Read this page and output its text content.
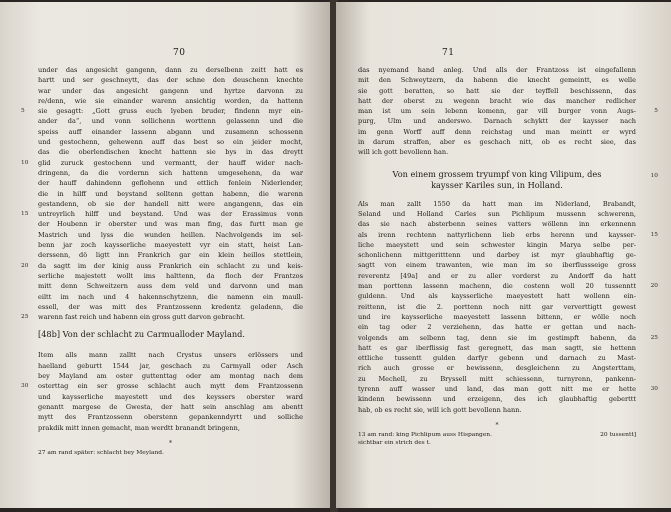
70
under das angesicht gangenn, dann zu derselbenn zeitt hatt es
hartt und ser geschneytt, das der schne den deuschenn knechte
war under das angesicht gangenn und hyrtze darvonn zu
re/denn, wie sie einander warenn ansichtig worden, da hattenn
sie gesagtt: „Gott gruss euch lyeben bruder, findenn myr ein-
5
ander da“, und vonn sollichenn worttenn gelassenn und die
speiss auff einander lassenn abgann und zusamenn schossenn
und gestochenn, gehewenn auff das best so ein jeider mocht,
das die oberlendischen knecht hattenn sie bys in das dreytt
glid zuruck gestochenn und vermantt, der hauff wider nach-
10
dringenn, da die vordernn sich hattenn umgesehenn, da war
der hauff dahindenn geflohenn und ettlich fenlein Niderlender,
die in hilff und beystand solltenn gettan habenn, die warenn
gestandenn, ob sie der handell nitt were angangenn, das ein
untreyrlich hilff und beystand. Und was der Erassimus vonn
15
der Houbenn ir oberster und was man fing, das furtt man ge
Mastrich und lyss die wunden heillen. Nachvolgends im sel-
benn jar zoch kaysserliche maeyestett vyr ein statt, heist Lan-
derssenn, dö ligtt inn Frankrich gar ein klein heillos stettlein,
da sagtt im der kinig auss Frankrich ein schlacht zu und keis-
20
serliche majestett wollt ims halttenn, da floch der Frantzos
mitt denn Schweitzern auss dem veld und darvonn und man
eiltt im nach und 4 hakennschytzenn, die namenn ein maull-
essell, der was mitt des Frantzossenn kredentz geladenn, die
warenn fast reich und habenn ein gross gutt darvon gebracht.
25
[48b] Von der schlacht zu Carmualloder Mayland.
Item alls mann zalltt nach Crystus unsers erlössers und
haelland geburtt 1544 jar, geschach zu Carmyall oder Asch
bey Mayland am oster guttenttag oder am montag nach dem
osterttag ein ser grosse schlacht auch mytt dem Frantzossenn
30
und kaysserliche mayestett und des keyssers oberster ward
genantt margese de Gwesta, der hatt sein anschlag am abentt
mytt des Frantzossenn oberstenn gepankenndyrtt und solliche
prakdik mitt innen gemacht, man werdtt branandt bringenn,
*
27 am rand später: schlacht bey Meyland.
71
das nyemand hand anleg. Und alls der Frantzoss ist eingefallenn
mit den Schweytzern, da habenn die knecht gemeintt, es welle
sie gott beratten, so hatt sie der teyffell beschissenn, das
hatt der oberst zu wegenn bracht wie das mancher redlicher
man ist um sein lebenn komenn, gar vill burger vonn Augs-	5
purg, Ulm und anderswo. Darnach schyktt der kaysser nach
im genn Worff auff denn reichstag und man meintt er wyrd
in darum straffen, aber es geschach nitt, ob es recht siee, das
will ich gott bevollenn han.
Von einem grossem tryumpf von king Vilipum, des	10
kaysser Kariles sun, in Holland.
Als man zallt 1550 da hatt man im Niderland, Brabandt,
Seland und Holland Carles sun Pichlipum mussenn schwerenn,
das sie nach absterbenn seines vatters wöllenn inn erkennenn
als irenn rechtenn nattyrlichenn lieb erbs herenn und kaysser-	15
liche maeystett und sein schwester kingin Marya selbe per-
schonlichenn mittgeritttenn und darbey ist myr glaubhaftig ge-
sagtt von einem trawanten, wie man im so iberflussseige gross
reverentz [49a] and er zu aller vorderst zu Andorff da hatt
man porttenn lassenn machenn, die costenn woll 20 tussenntt	20
guldenn. Und als kaysserliche maeyestett hatt wollenn ein-
reittenn, ist die 2. porttenn noch nitt gar ververttigtt gewest
und ire kaysserliche maeyestett lassenn bittenn, er wölle noch
ein tag oder 2 verziehenn, das hatte er gettan und nach-
volgends am selbenn tag, denn sie im gestimpft habenn, da	25
hatt es gar iberflissig fast geregnett, das man sagtt, sie hettenn
ettliche tussentt gulden darfyr gebenn und darnach zu Mast-
rich auch grosse er bewissenn, desgleichenn zu Angsterttam,
zu Mechell, zu Bryssell mitt schiessenn, turnyrenn, pankenn-
tyrenn auff wasser und land, das man gott nitt me er hette	30
kindenn bewissenn und erzeigenn, des ich glaubhaftig geberttt
hab, ob es recht sie, will ich gott bevollenn hann.
*
13 am rand: king Pichlipum auss Hispangen.	20 tussentt]
sichtbar ein strich des t.
